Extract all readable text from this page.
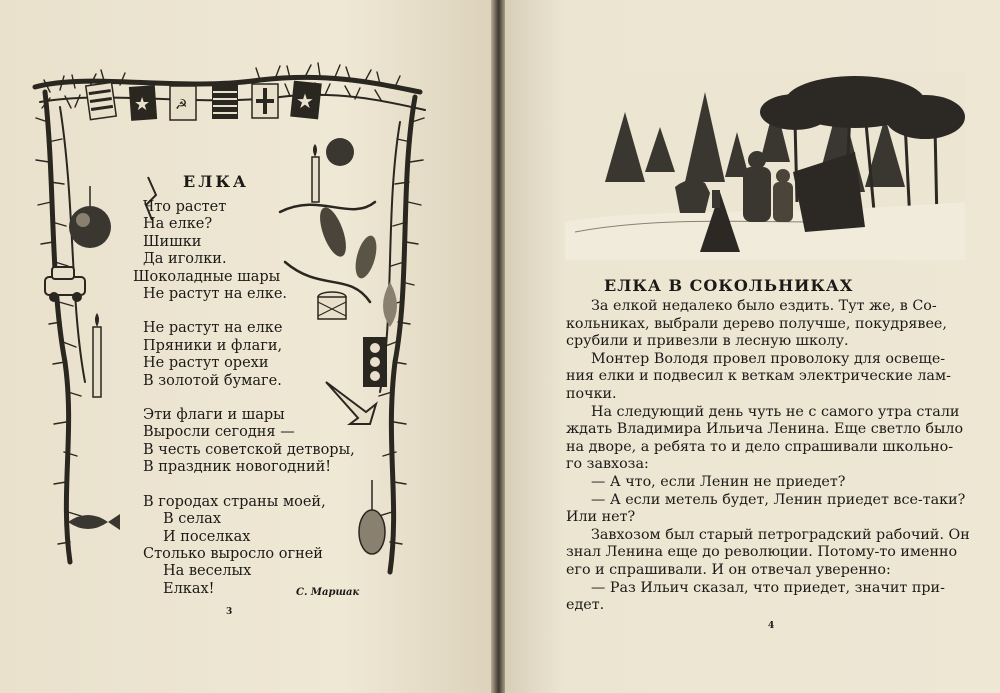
★ ☭	★
ЕЛКА

Что растет

На елке?

Шишки

Да иголки.

Шоколадные шары

Не растут на елке.

Не растут на елке

Пряники и флаги,

Не растут орехи

В золотой бумаге.

Эти флаги и шары

Выросли сегодня —

В честь советской детворы,

В праздник новогодний!

В городах страны моей,

В селах

И поселках

Столько выросло огней

На веселых

Елках!	С. Маршак

3

ЕЛКА В СОКОЛЬНИКАХ

За елкой недалеко было ездить. Тут же, в Со-

кольниках, выбрали дерево получше, покудрявее,

срубили и привезли в лесную школу.

Монтер Володя провел проволоку для освеще-

ния елки и подвесил к веткам электрические лам-

почки.

На следующий день чуть не с самого утра стали

ждать Владимира Ильича Ленина. Еще светло было

на дворе, а ребята то и дело спрашивали школьно-

го завхоза:

— А что, если Ленин не приедет?

— А если метель будет, Ленин приедет все-таки?

Или нет?

Завхозом был старый петроградский рабочий. Он

знал Ленина еще до революции. Потому-то именно

его и спрашивали. И он отвечал уверенно:

— Раз Ильич сказал, что приедет, значит при-

едет.

4
